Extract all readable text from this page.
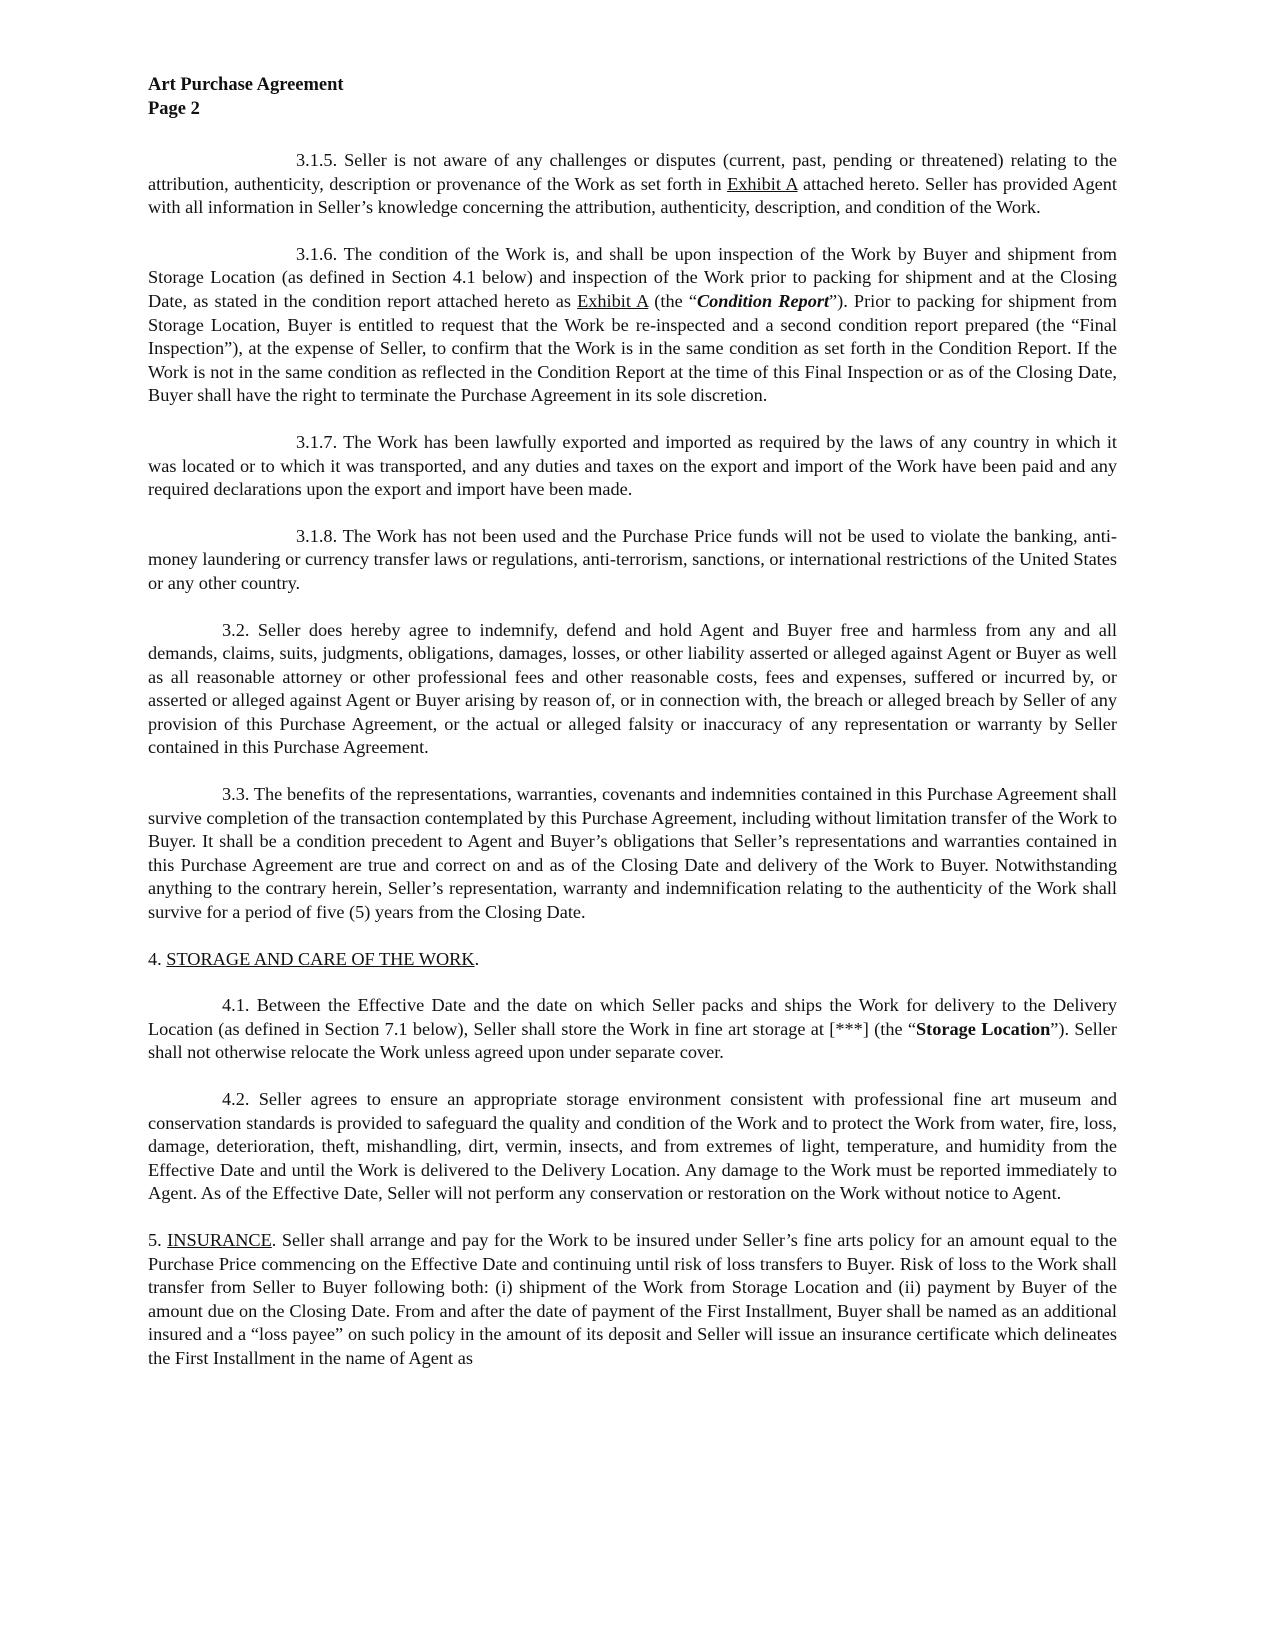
Art Purchase Agreement
Page 2

3.1.5. Seller is not aware of any challenges or disputes (current, past, pending or threatened) relating to the attribution, authenticity, description or provenance of the Work as set forth in Exhibit A attached hereto. Seller has provided Agent with all information in Seller’s knowledge concerning the attribution, authenticity, description, and condition of the Work.

3.1.6. The condition of the Work is, and shall be upon inspection of the Work by Buyer and shipment from Storage Location (as defined in Section 4.1 below) and inspection of the Work prior to packing for shipment and at the Closing Date, as stated in the condition report attached hereto as Exhibit A (the “Condition Report”). Prior to packing for shipment from Storage Location, Buyer is entitled to request that the Work be re-inspected and a second condition report prepared (the “Final Inspection”), at the expense of Seller, to confirm that the Work is in the same condition as set forth in the Condition Report. If the Work is not in the same condition as reflected in the Condition Report at the time of this Final Inspection or as of the Closing Date, Buyer shall have the right to terminate the Purchase Agreement in its sole discretion.

3.1.7. The Work has been lawfully exported and imported as required by the laws of any country in which it was located or to which it was transported, and any duties and taxes on the export and import of the Work have been paid and any required declarations upon the export and import have been made.

3.1.8. The Work has not been used and the Purchase Price funds will not be used to violate the banking, anti-money laundering or currency transfer laws or regulations, anti-terrorism, sanctions, or international restrictions of the United States or any other country.

3.2. Seller does hereby agree to indemnify, defend and hold Agent and Buyer free and harmless from any and all demands, claims, suits, judgments, obligations, damages, losses, or other liability asserted or alleged against Agent or Buyer as well as all reasonable attorney or other professional fees and other reasonable costs, fees and expenses, suffered or incurred by, or asserted or alleged against Agent or Buyer arising by reason of, or in connection with, the breach or alleged breach by Seller of any provision of this Purchase Agreement, or the actual or alleged falsity or inaccuracy of any representation or warranty by Seller contained in this Purchase Agreement.

3.3. The benefits of the representations, warranties, covenants and indemnities contained in this Purchase Agreement shall survive completion of the transaction contemplated by this Purchase Agreement, including without limitation transfer of the Work to Buyer. It shall be a condition precedent to Agent and Buyer’s obligations that Seller’s representations and warranties contained in this Purchase Agreement are true and correct on and as of the Closing Date and delivery of the Work to Buyer. Notwithstanding anything to the contrary herein, Seller’s representation, warranty and indemnification relating to the authenticity of the Work shall survive for a period of five (5) years from the Closing Date.

4. STORAGE AND CARE OF THE WORK.

4.1. Between the Effective Date and the date on which Seller packs and ships the Work for delivery to the Delivery Location (as defined in Section 7.1 below), Seller shall store the Work in fine art storage at [***] (the “Storage Location”). Seller shall not otherwise relocate the Work unless agreed upon under separate cover.

4.2. Seller agrees to ensure an appropriate storage environment consistent with professional fine art museum and conservation standards is provided to safeguard the quality and condition of the Work and to protect the Work from water, fire, loss, damage, deterioration, theft, mishandling, dirt, vermin, insects, and from extremes of light, temperature, and humidity from the Effective Date and until the Work is delivered to the Delivery Location. Any damage to the Work must be reported immediately to Agent. As of the Effective Date, Seller will not perform any conservation or restoration on the Work without notice to Agent.

5. INSURANCE. Seller shall arrange and pay for the Work to be insured under Seller’s fine arts policy for an amount equal to the Purchase Price commencing on the Effective Date and continuing until risk of loss transfers to Buyer. Risk of loss to the Work shall transfer from Seller to Buyer following both: (i) shipment of the Work from Storage Location and (ii) payment by Buyer of the amount due on the Closing Date. From and after the date of payment of the First Installment, Buyer shall be named as an additional insured and a “loss payee” on such policy in the amount of its deposit and Seller will issue an insurance certificate which delineates the First Installment in the name of Agent as
